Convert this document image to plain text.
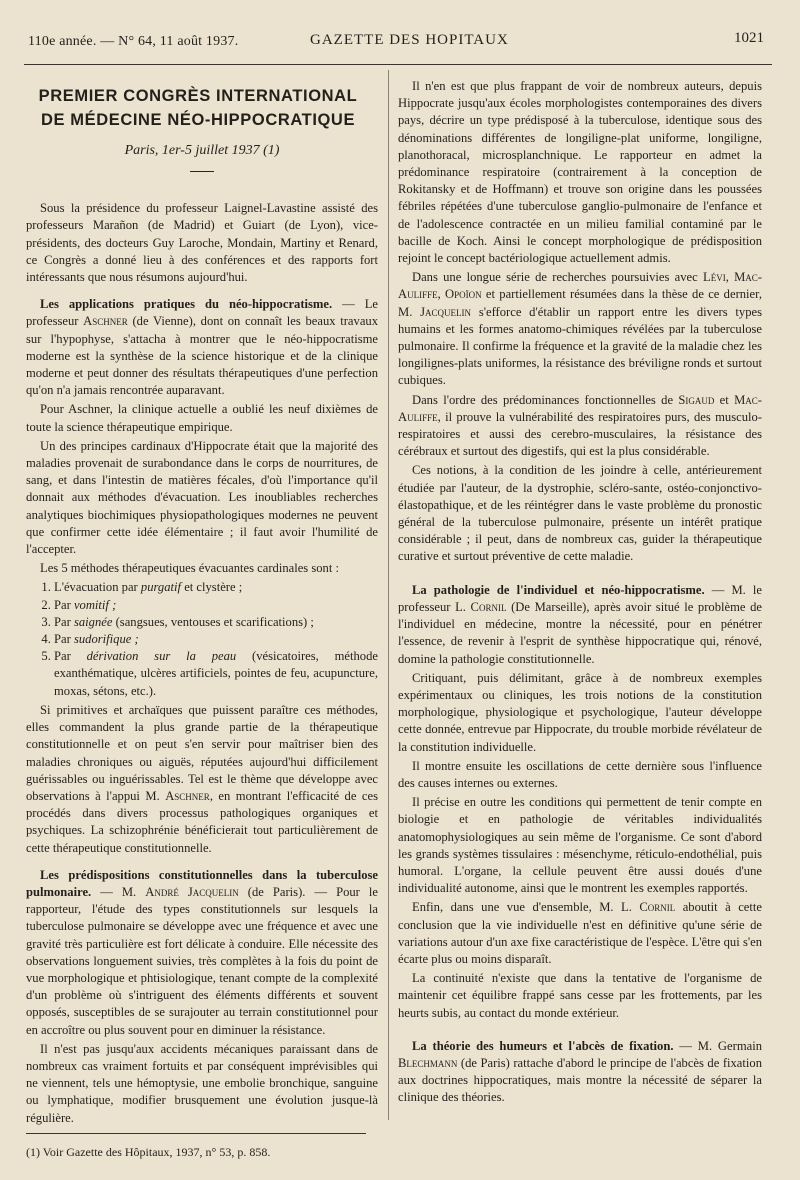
110e année. — N° 64, 11 août 1937.	GAZETTE DES HOPITAUX	1021
PREMIER CONGRÈS INTERNATIONAL
DE MÉDECINE NÉO-HIPPOCRATIQUE
Paris, 1er-5 juillet 1937 (1)

Sous la présidence du professeur Laignel-Lavastine assisté des professeurs Marañon (de Madrid) et Guiart (de Lyon), vice-présidents, des docteurs Guy Laroche, Mondain, Martiny et Renard, ce Congrès a donné lieu à des conférences et des rapports fort intéressants que nous résumons aujourd'hui.

Les applications pratiques du néo-hippocratisme. — Le professeur Aschner (de Vienne), dont on connaît les beaux travaux sur l'hypophyse, s'attacha à montrer que le néo-hippocratisme moderne est la synthèse de la science historique et de la clinique moderne et peut donner des résultats thérapeutiques d'une perfection qu'on n'a jamais rencontrée auparavant.

Pour Aschner, la clinique actuelle a oublié les neuf dixièmes de toute la science thérapeutique empirique.

Un des principes cardinaux d'Hippocrate était que la majorité des maladies provenait de surabondance dans le corps de nourritures, de sang, et dans l'intestin de matières fécales, d'où l'importance qu'il donnait aux méthodes d'évacuation. Les inoubliables recherches analytiques biochimiques physiopathologiques modernes ne peuvent que confirmer cette idée élémentaire ; il faut avoir l'humilité de l'accepter.

Les 5 méthodes thérapeutiques évacuantes cardinales sont :

1. L'évacuation par purgatif et clystère ;
2. Par vomitif ;
3. Par saignée (sangsues, ventouses et scarifications) ;
4. Par sudorifique ;
5. Par dérivation sur la peau (vésicatoires, méthode exanthématique, ulcères artificiels, pointes de feu, acupuncture, moxas, sétons, etc.).

Si primitives et archaïques que puissent paraître ces méthodes, elles commandent la plus grande partie de la thérapeutique constitutionnelle et on peut s'en servir pour maîtriser bien des maladies chroniques ou aiguës, réputées aujourd'hui difficilement guérissables ou inguérissables. Tel est le thème que développe avec observations à l'appui M. Aschner, en montrant l'efficacité de ces procédés dans divers processus pathologiques organiques et psychiques. La schizophrénie bénéficierait tout particulièrement de cette thérapeutique constitutionnelle.

Les prédispositions constitutionnelles dans la tuberculose pulmonaire. — M. André Jacquelin (de Paris). — Pour le rapporteur, l'étude des types constitutionnels sur lesquels la tuberculose pulmonaire se développe avec une fréquence et avec une gravité très particulière est fort délicate à conduire. Elle nécessite des observations longuement suivies, très complètes à la fois du point de vue morphologique et phtisiologique, tenant compte de la complexité d'un problème où s'intriguent des éléments différents et souvent opposés, susceptibles de se surajouter au terrain constitutionnel pour en accroître ou plus souvent pour en diminuer la résistance.

Il n'est pas jusqu'aux accidents mécaniques paraissant dans de nombreux cas vraiment fortuits et par conséquent imprévisibles qui ne viennent, tels une hémoptysie, une embolie bronchique, sanguine ou lymphatique, modifier brusquement une évolution jusque-là régulière.

(1) Voir Gazette des Hôpitaux, 1937, n° 53, p. 858.

Il n'en est que plus frappant de voir de nombreux auteurs, depuis Hippocrate jusqu'aux écoles morphologistes contemporaines des divers pays, décrire un type prédisposé à la tuberculose, identique sous des dénominations différentes de longiligne-plat uniforme, longiligne, planothoracal, microsplanchnique. Le rapporteur en admet la prédominance respiratoire (contrairement à la conception de Rokitansky et de Hoffmann) et trouve son origine dans les poussées fébriles répétées d'une tuberculose ganglio-pulmonaire de l'enfance et de l'adolescence contractée en un milieu familial contaminé par le bacille de Koch. Ainsi le concept morphologique de prédisposition rejoint le concept bactériologique actuellement admis.

Dans une longue série de recherches poursuivies avec Lévi, Mac-Auliffe, Opoïon et partiellement résumées dans la thèse de ce dernier, M. Jacquelin s'efforce d'établir un rapport entre les divers types humains et les formes anatomo-chimiques révélées par la tuberculose pulmonaire. Il confirme la fréquence et la gravité de la maladie chez les longilignes-plats uniformes, la résistance des bréviligne ronds et surtout cubiques.

Dans l'ordre des prédominances fonctionnelles de Sigaud et Mac-Auliffe, il prouve la vulnérabilité des respiratoires purs, des musculo-respiratoires et aussi des cerebro-musculaires, la résistance des cérébraux et surtout des digestifs, qui est la plus considérable.

Ces notions, à la condition de les joindre à celle, antérieurement étudiée par l'auteur, de la dystrophie, scléro-sante, ostéo-conjonctivo-élastopathique, et de les réintégrer dans le vaste problème du pronostic général de la tuberculose pulmonaire, présente un intérêt pratique considérable ; il peut, dans de nombreux cas, guider la thérapeutique curative et surtout préventive de cette maladie.

La pathologie de l'individuel et néo-hippocratisme. — M. le professeur L. Cornil (De Marseille), après avoir situé le problème de l'individuel en médecine, montre la nécessité, pour en pénétrer l'essence, de revenir à l'esprit de synthèse hippocratique qui, rénové, domine la pathologie constitutionnelle.

Critiquant, puis délimitant, grâce à de nombreux exemples expérimentaux ou cliniques, les trois notions de la constitution morphologique, physiologique et psychologique, l'auteur développe cette donnée, entrevue par Hippocrate, du trouble morbide révélateur de la constitution individuelle.

Il montre ensuite les oscillations de cette dernière sous l'influence des causes internes ou externes.

Il précise en outre les conditions qui permettent de tenir compte en biologie et en pathologie de véritables individualités anatomophysiologiques au sein même de l'organisme. Ce sont d'abord les grands systèmes tissulaires : mésenchyme, réticulo-endothélial, puis humoral. L'organe, la cellule peuvent être aussi doués d'une individualité autonome, ainsi que le montrent les exemples rapportés.

Enfin, dans une vue d'ensemble, M. L. Cornil aboutit à cette conclusion que la vie individuelle n'est en définitive qu'une série de variations autour d'un axe fixe caractéristique de l'espèce. L'être qui s'en écarte plus ou moins disparaît.

La continuité n'existe que dans la tentative de l'organisme de maintenir cet équilibre frappé sans cesse par les frottements, par les heurts subis, au contact du monde extérieur.

La théorie des humeurs et l'abcès de fixation. — M. Germain Blechmann (de Paris) rattache d'abord le principe de l'abcès de fixation aux doctrines hippocratiques, mais montre la nécessité de séparer la clinique des théories.
